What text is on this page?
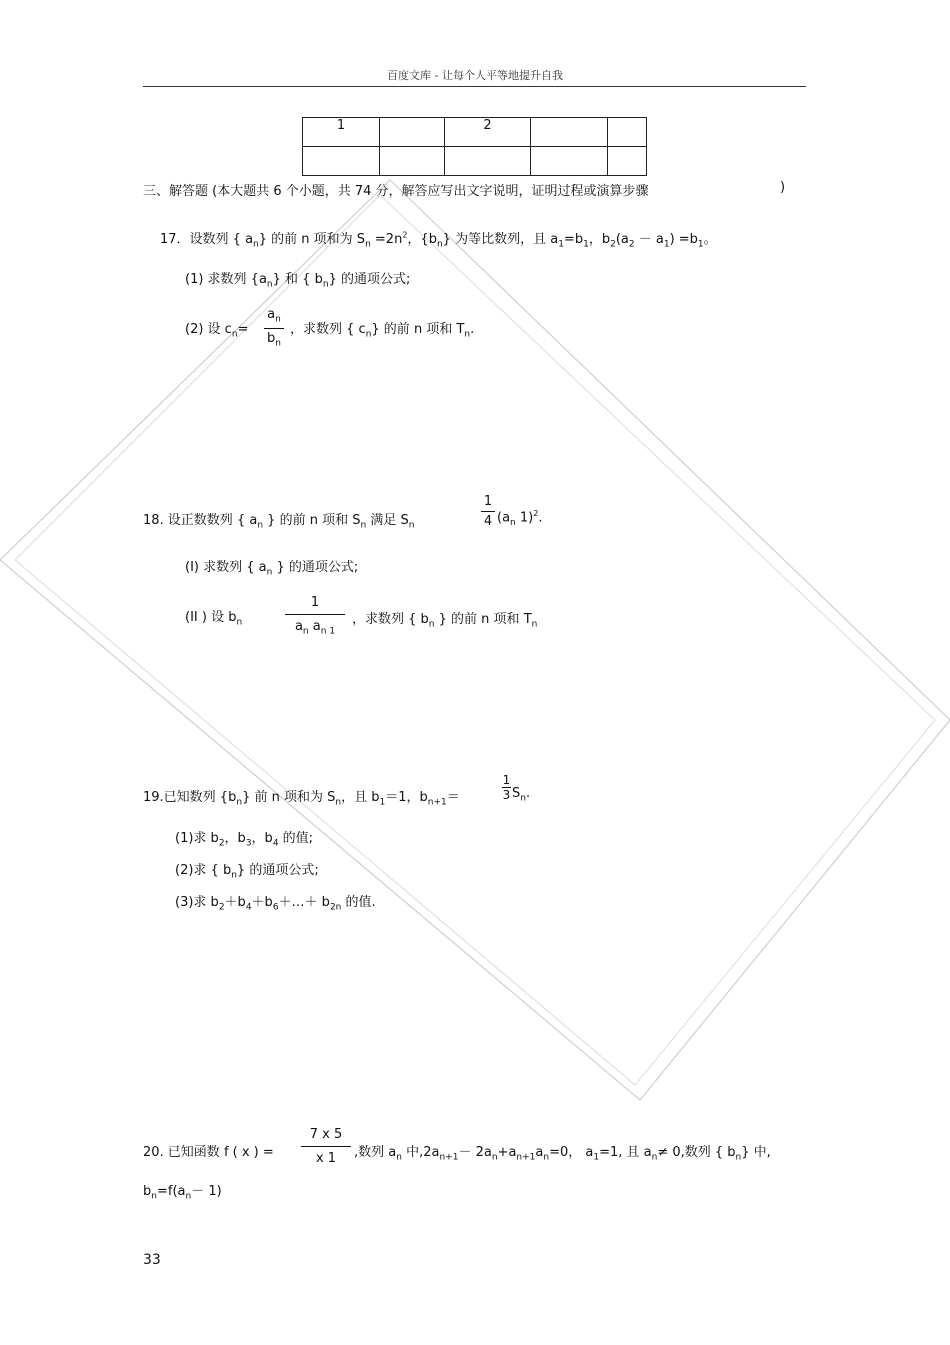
百度文库 - 让每个人平等地提升自我
1		2		

三、解答题 (本大题共 6 个小题，共 74 分，解答应写出文字说明，证明过程或演算步骤	)
17．设数列 { $a_n$} 的前 n 项和为 $S_n =2n^2$，$\{b_n\}$ 为等比数列，且 $a_1=b_1$，$b_2(a_2 - a_1) =b_1$。
(1) 求数列 $\{a_n\}$ 和 { $b_n$} 的通项公式;
(2) 设 $c_n=$
$a_n$
$b_n$
，求数列 { $c_n$} 的前 n 项和 $T_n$.
18. 设正数数列 { $a_n$ } 的前 n 项和 $S_n$ 满足 $S_n$
1
4 ($a_n$ 1)$^2$.
(I) 求数列 { $a_n$ } 的通项公式;
(II ) 设 $b_n$
1
$a_n$ $a_{n 1}$
，求数列 { $b_n$ } 的前 n 项和 $T_n$
19.已知数列 $\{b_n\}$ 前 n 项和为 $S_n$，且 $b_1=1$，$b_{n+1}=$
1
3 $S_n$.
(1)求 $b_2$，$b_3$，$b_4$ 的值;
(2)求 { $b_n$} 的通项公式;
(3)求 $b_2+b_4+b_6+\dots+ b_{2n}$ 的值.
20. 已知函数 f ( x ) =
7 x 5
x 1	,数列 $a_n$ 中$,2a_{n+1}- 2a_n+a_{n+1}a_n=0$， $a_1=1$, 且 $a_n\ne 0$,数列 { $b_n$} 中,
$b_n=f(a_n- 1)$
33
